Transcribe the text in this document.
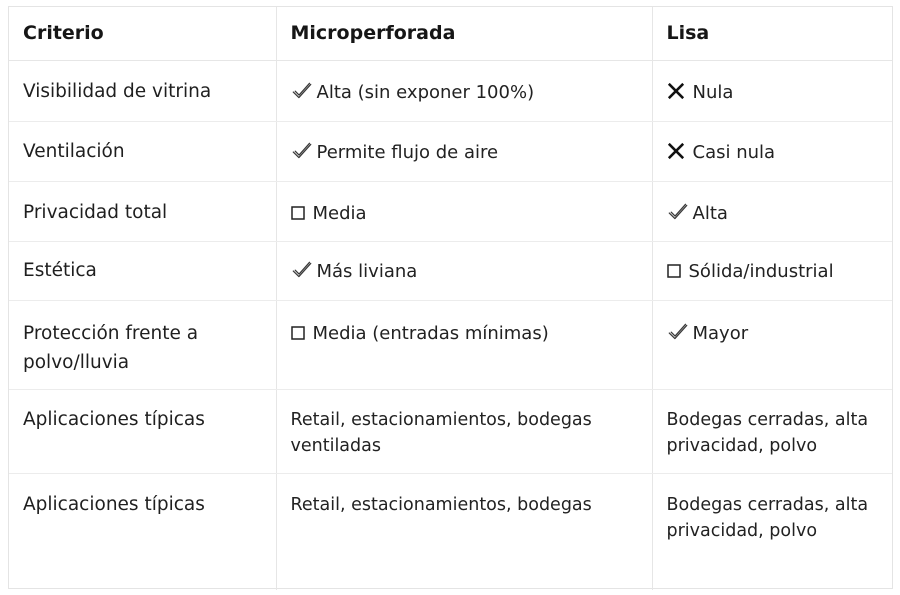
Criterio	Microperforada	Lisa
Visibilidad de vitrina	Alta (sin exponer 100%)	Nula
Ventilación	Permite flujo de aire	Casi nula
Privacidad total	Media	Alta
Estética	Más liviana	Sólida/industrial
Protección frente a polvo/lluvia	Media (entradas mínimas)	Mayor
Aplicaciones típicas	Retail, estacionamientos, bodegas ventiladas	Bodegas cerradas, alta privacidad, polvo
Aplicaciones típicas	Retail, estacionamientos, bodegas	Bodegas cerradas, alta privacidad, polvo
